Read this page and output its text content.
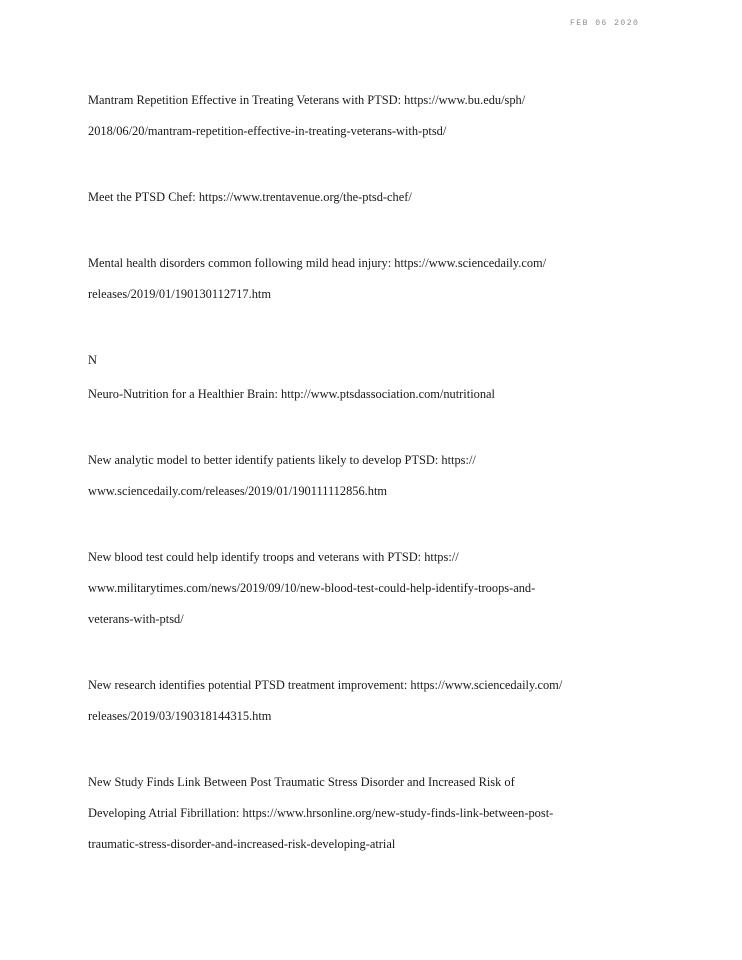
FEB 06 2020
Mantram Repetition Effective in Treating Veterans with PTSD: https://www.bu.edu/sph/
2018/06/20/mantram-repetition-effective-in-treating-veterans-with-ptsd/
Meet the PTSD Chef: https://www.trentavenue.org/the-ptsd-chef/
Mental health disorders common following mild head injury: https://www.sciencedaily.com/
releases/2019/01/190130112717.htm
N
Neuro-Nutrition for a Healthier Brain: http://www.ptsdassociation.com/nutritional
New analytic model to better identify patients likely to develop PTSD: https://
www.sciencedaily.com/releases/2019/01/190111112856.htm
New blood test could help identify troops and veterans with PTSD: https://
www.militarytimes.com/news/2019/09/10/new-blood-test-could-help-identify-troops-and-
veterans-with-ptsd/
New research identifies potential PTSD treatment improvement: https://www.sciencedaily.com/
releases/2019/03/190318144315.htm
New Study Finds Link Between Post Traumatic Stress Disorder and Increased Risk of
Developing Atrial Fibrillation: https://www.hrsonline.org/new-study-finds-link-between-post-
traumatic-stress-disorder-and-increased-risk-developing-atrial
